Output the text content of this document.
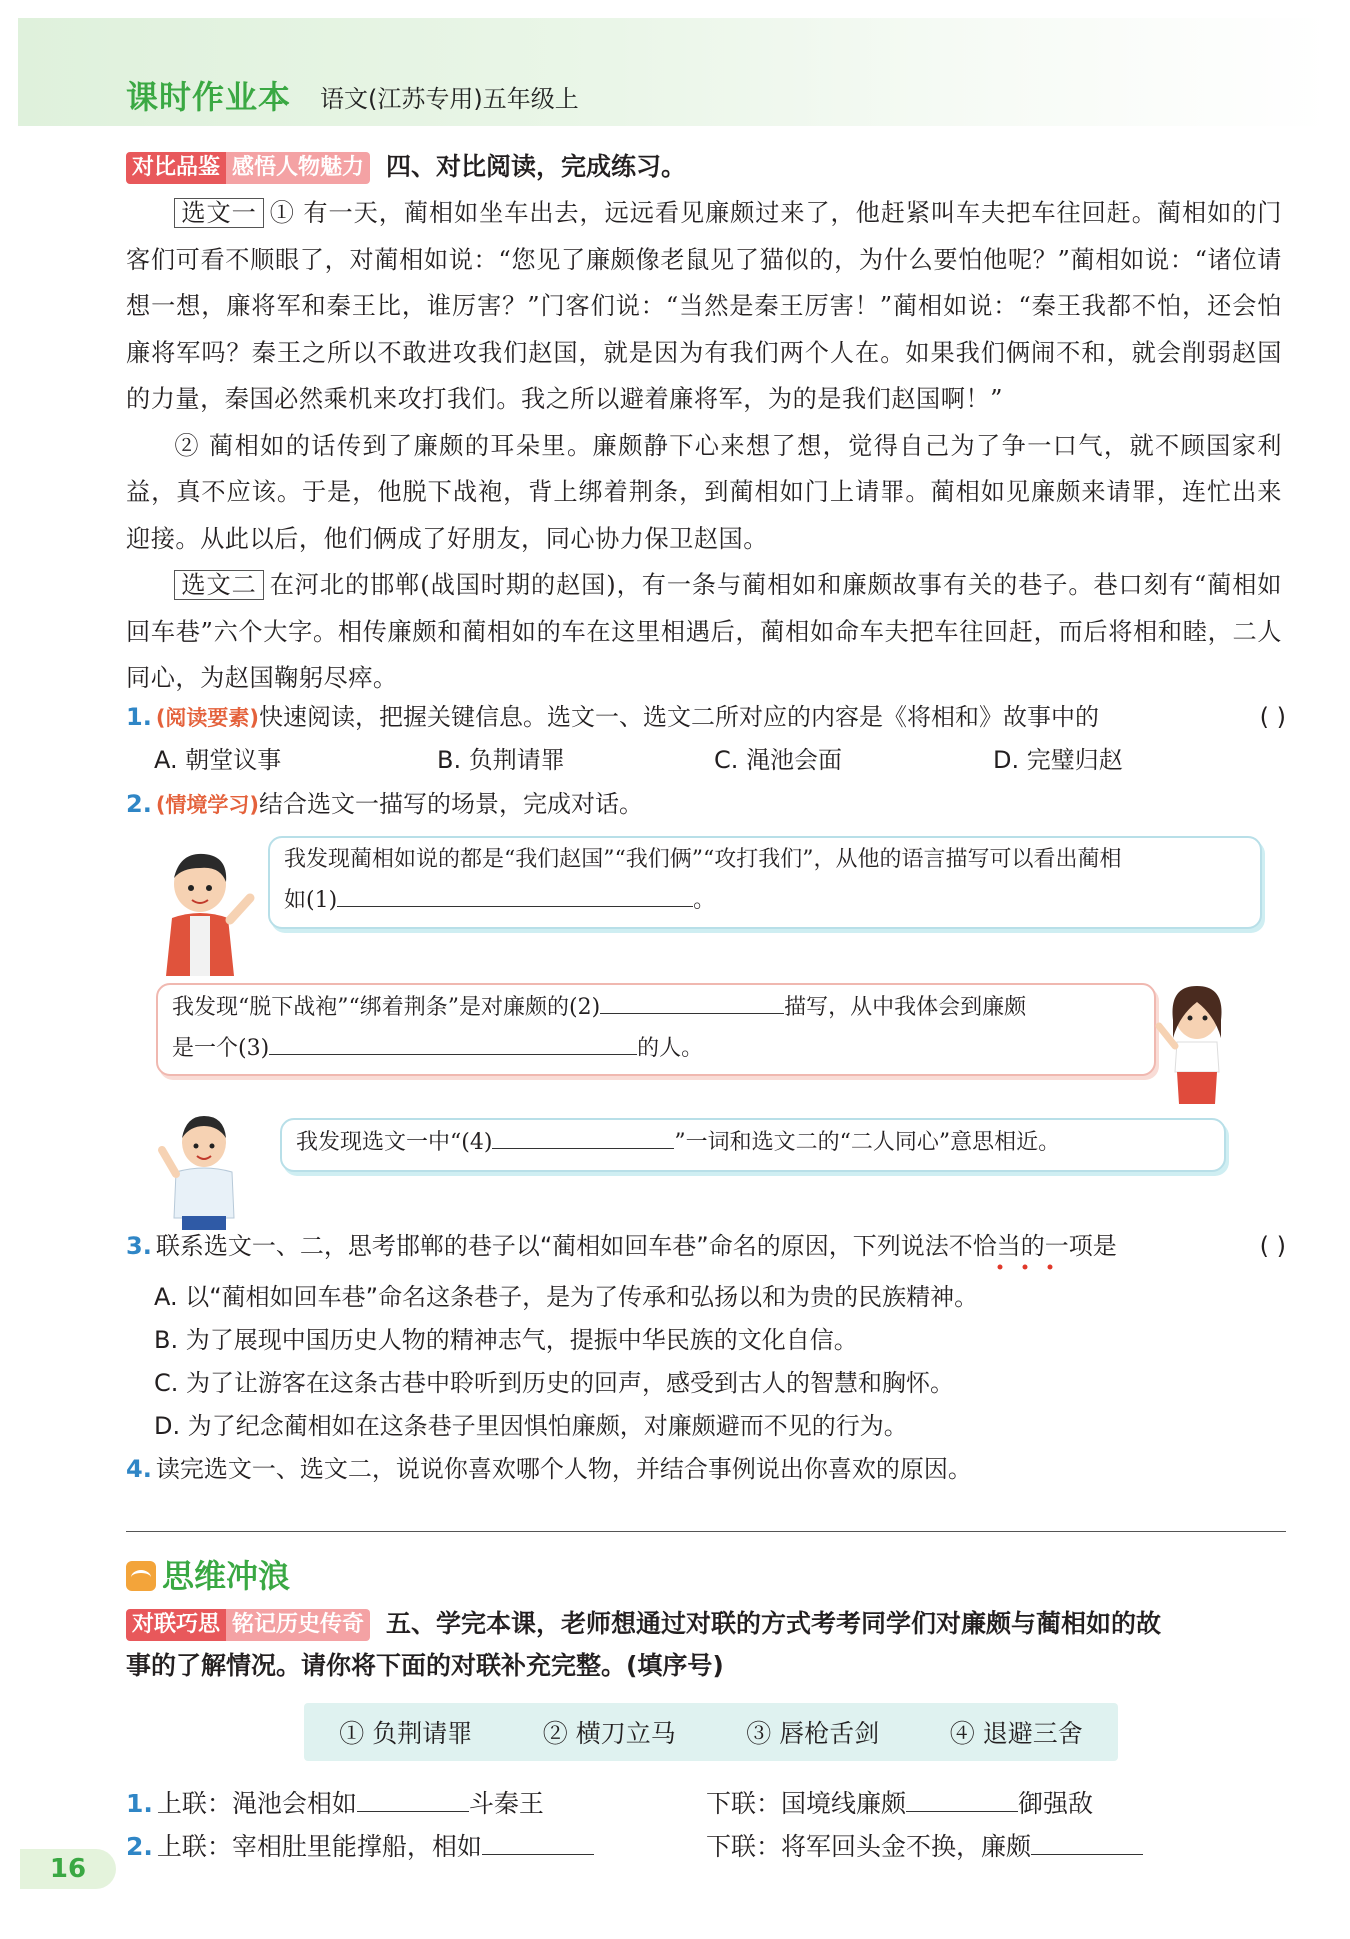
课时作业本 语文(江苏专用)五年级上
对比品鉴 感悟人物魅力 四、对比阅读，完成练习。

选文一 ① 有一天，蔺相如坐车出去，远远看见廉颇过来了，他赶紧叫车夫把车往回赶。蔺相如的门客们可看不顺眼了，对蔺相如说：“您见了廉颇像老鼠见了猫似的，为什么要怕他呢？”蔺相如说：“诸位请想一想，廉将军和秦王比，谁厉害？”门客们说：“当然是秦王厉害！”蔺相如说：“秦王我都不怕，还会怕廉将军吗？秦王之所以不敢进攻我们赵国，就是因为有我们两个人在。如果我们俩闹不和，就会削弱赵国的力量，秦国必然乘机来攻打我们。我之所以避着廉将军，为的是我们赵国啊！”

② 蔺相如的话传到了廉颇的耳朵里。廉颇静下心来想了想，觉得自己为了争一口气，就不顾国家利益，真不应该。于是，他脱下战袍，背上绑着荆条，到蔺相如门上请罪。蔺相如见廉颇来请罪，连忙出来迎接。从此以后，他们俩成了好朋友，同心协力保卫赵国。

选文二 在河北的邯郸(战国时期的赵国)，有一条与蔺相如和廉颇故事有关的巷子。巷口刻有“蔺相如回车巷”六个大字。相传廉颇和蔺相如的车在这里相遇后，蔺相如命车夫把车往回赶，而后将相和睦，二人同心，为赵国鞠躬尽瘁。

1. (阅读要素)快速阅读，把握关键信息。选文一、选文二所对应的内容是《将相和》故事中的	( )
A. 朝堂议事	B. 负荆请罪	C. 渑池会面	D. 完璧归赵
2. (情境学习)结合选文一描写的场景，完成对话。
我发现蔺相如说的都是“我们赵国”“我们俩”“攻打我们”，从他的语言描写可以看出蔺相
如(1)	。
我发现“脱下战袍”“绑着荆条”是对廉颇的(2)	描写，从中我体会到廉颇
是一个(3)	的人。
我发现选文一中“(4)	”一词和选文二的“二人同心”意思相近。
3. 联系选文一、二，思考邯郸的巷子以“蔺相如回车巷”命名的原因，下列说法不恰当的一项是	( )
A. 以“蔺相如回车巷”命名这条巷子，是为了传承和弘扬以和为贵的民族精神。
B. 为了展现中国历史人物的精神志气，提振中华民族的文化自信。
C. 为了让游客在这条古巷中聆听到历史的回声，感受到古人的智慧和胸怀。
D. 为了纪念蔺相如在这条巷子里因惧怕廉颇，对廉颇避而不见的行为。
4. 读完选文一、选文二，说说你喜欢哪个人物，并结合事例说出你喜欢的原因。
思维冲浪
对联巧思 铭记历史传奇 五、学完本课，老师想通过对联的方式考考同学们对廉颇与蔺相如的故
事的了解情况。请你将下面的对联补充完整。(填序号)
① 负荆请罪	② 横刀立马	③ 唇枪舌剑	④ 退避三舍
1. 上联：渑池会相如	斗秦王	下联：国境线廉颇	御强敌
2. 上联：宰相肚里能撑船，相如	下联：将军回头金不换，廉颇
16
